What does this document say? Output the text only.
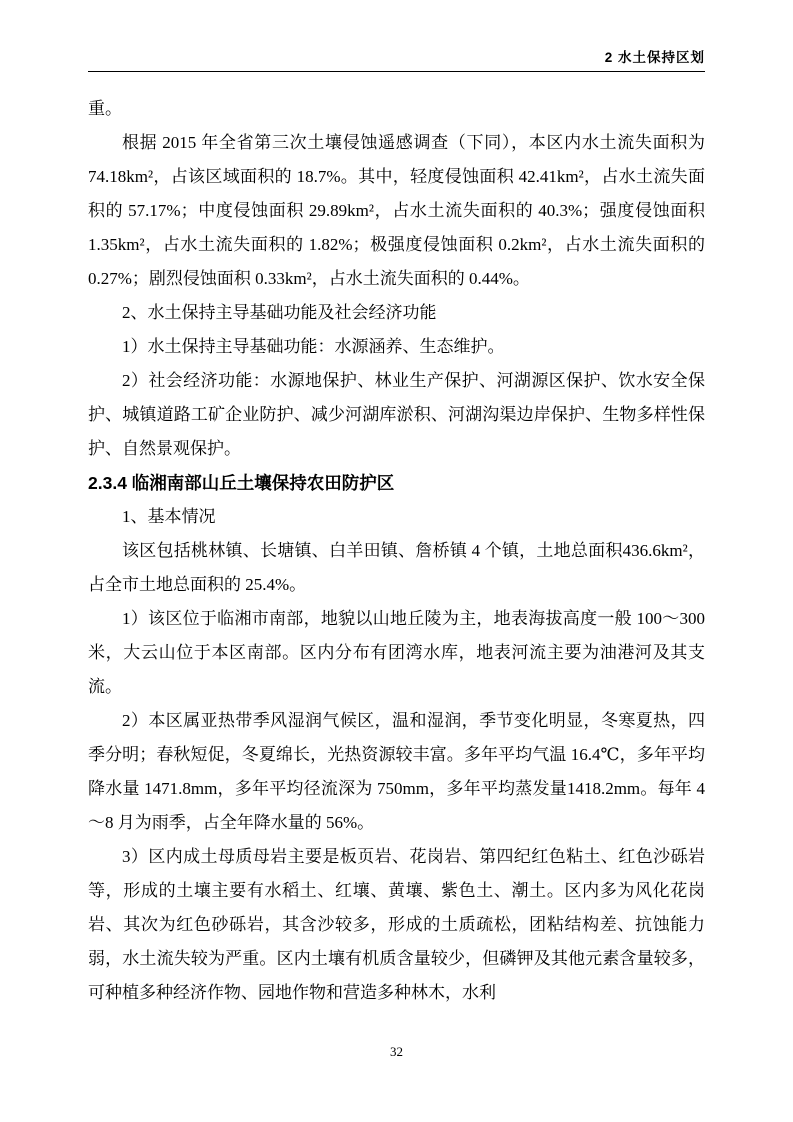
2 水土保持区划

重。

根据 2015 年全省第三次土壤侵蚀遥感调查（下同），本区内水土流失面积为 74.18km²，占该区域面积的 18.7%。其中，轻度侵蚀面积 42.41km²，占水土流失面积的 57.17%；中度侵蚀面积 29.89km²，占水土流失面积的 40.3%；强度侵蚀面积 1.35km²，占水土流失面积的 1.82%；极强度侵蚀面积 0.2km²，占水土流失面积的 0.27%；剧烈侵蚀面积 0.33km²，占水土流失面积的 0.44%。

2、水土保持主导基础功能及社会经济功能

1）水土保持主导基础功能：水源涵养、生态维护。

2）社会经济功能：水源地保护、林业生产保护、河湖源区保护、饮水安全保护、城镇道路工矿企业防护、减少河湖库淤积、河湖沟渠边岸保护、生物多样性保护、自然景观保护。

2.3.4 临湘南部山丘土壤保持农田防护区

1、基本情况

该区包括桃林镇、长塘镇、白羊田镇、詹桥镇 4 个镇，土地总面积436.6km²，占全市土地总面积的 25.4%。

1）该区位于临湘市南部，地貌以山地丘陵为主，地表海拔高度一般 100～300 米，大云山位于本区南部。区内分布有团湾水库，地表河流主要为油港河及其支流。

2）本区属亚热带季风湿润气候区，温和湿润，季节变化明显，冬寒夏热，四季分明；春秋短促，冬夏绵长，光热资源较丰富。多年平均气温 16.4℃，多年平均降水量 1471.8mm，多年平均径流深为 750mm，多年平均蒸发量1418.2mm。每年 4～8 月为雨季，占全年降水量的 56%。

3）区内成土母质母岩主要是板页岩、花岗岩、第四纪红色粘土、红色沙砾岩等，形成的土壤主要有水稻土、红壤、黄壤、紫色土、潮土。区内多为风化花岗岩、其次为红色砂砾岩，其含沙较多，形成的土质疏松，团粘结构差、抗蚀能力弱，水土流失较为严重。区内土壤有机质含量较少，但磷钾及其他元素含量较多，可种植多种经济作物、园地作物和营造多种林木，水利

32
